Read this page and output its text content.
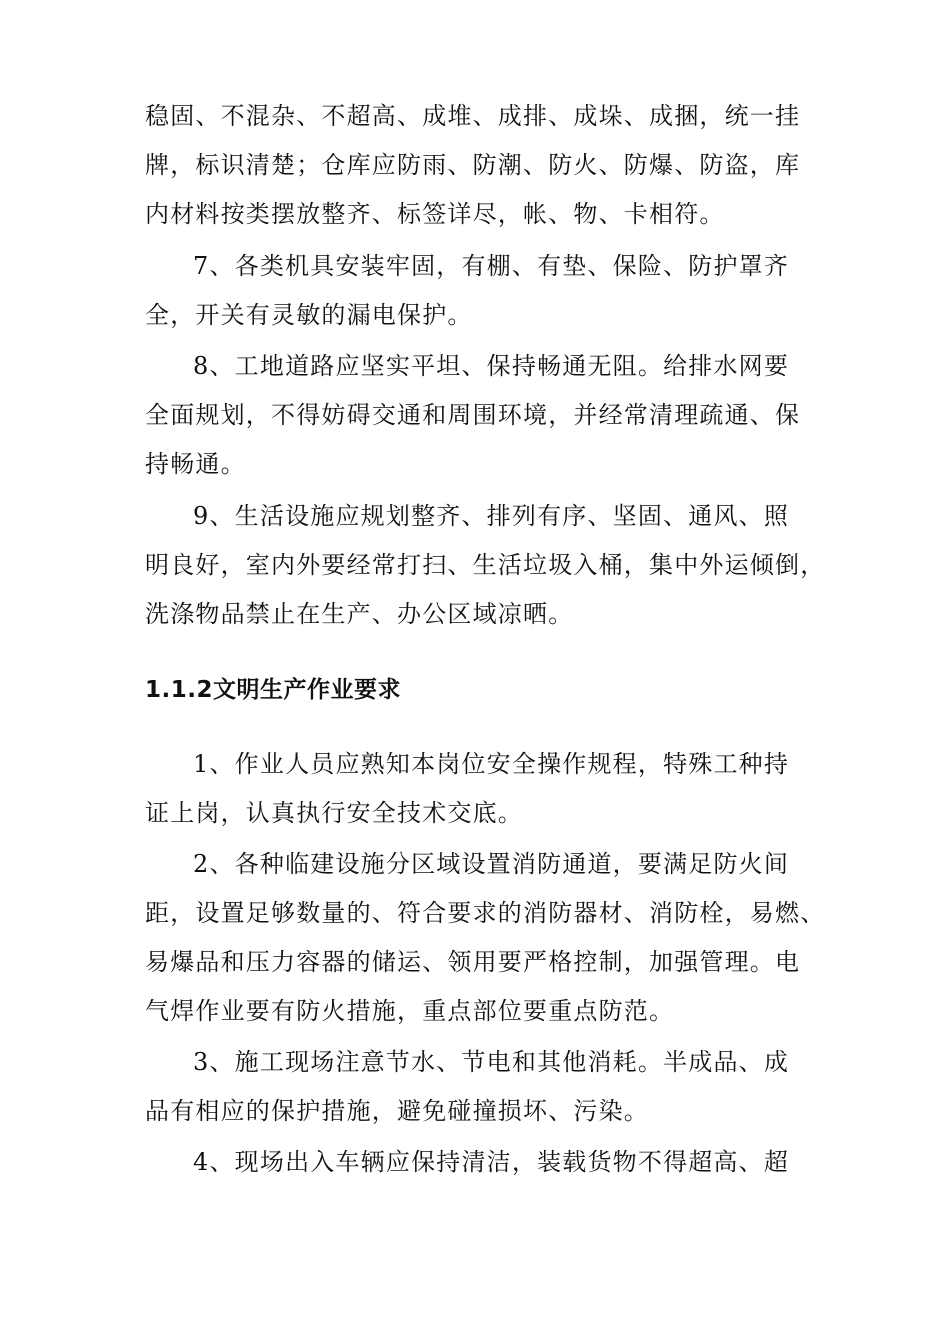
稳固、不混杂、不超高、成堆、成排、成垛、成捆，统一挂
牌，标识清楚；仓库应防雨、防潮、防火、防爆、防盗，库
内材料按类摆放整齐、标签详尽，帐、物、卡相符。
7、各类机具安装牢固，有棚、有垫、保险、防护罩齐
全，开关有灵敏的漏电保护。
8、工地道路应坚实平坦、保持畅通无阻。给排水网要
全面规划，不得妨碍交通和周围环境，并经常清理疏通、保
持畅通。
9、生活设施应规划整齐、排列有序、坚固、通风、照
明良好，室内外要经常打扫、生活垃圾入桶，集中外运倾倒，
洗涤物品禁止在生产、办公区域凉晒。
1.1.2文明生产作业要求
1、作业人员应熟知本岗位安全操作规程，特殊工种持
证上岗，认真执行安全技术交底。
2、各种临建设施分区域设置消防通道，要满足防火间
距，设置足够数量的、符合要求的消防器材、消防栓，易燃、
易爆品和压力容器的储运、领用要严格控制，加强管理。电
气焊作业要有防火措施，重点部位要重点防范。
3、施工现场注意节水、节电和其他消耗。半成品、成
品有相应的保护措施，避免碰撞损坏、污染。
4、现场出入车辆应保持清洁，装载货物不得超高、超
